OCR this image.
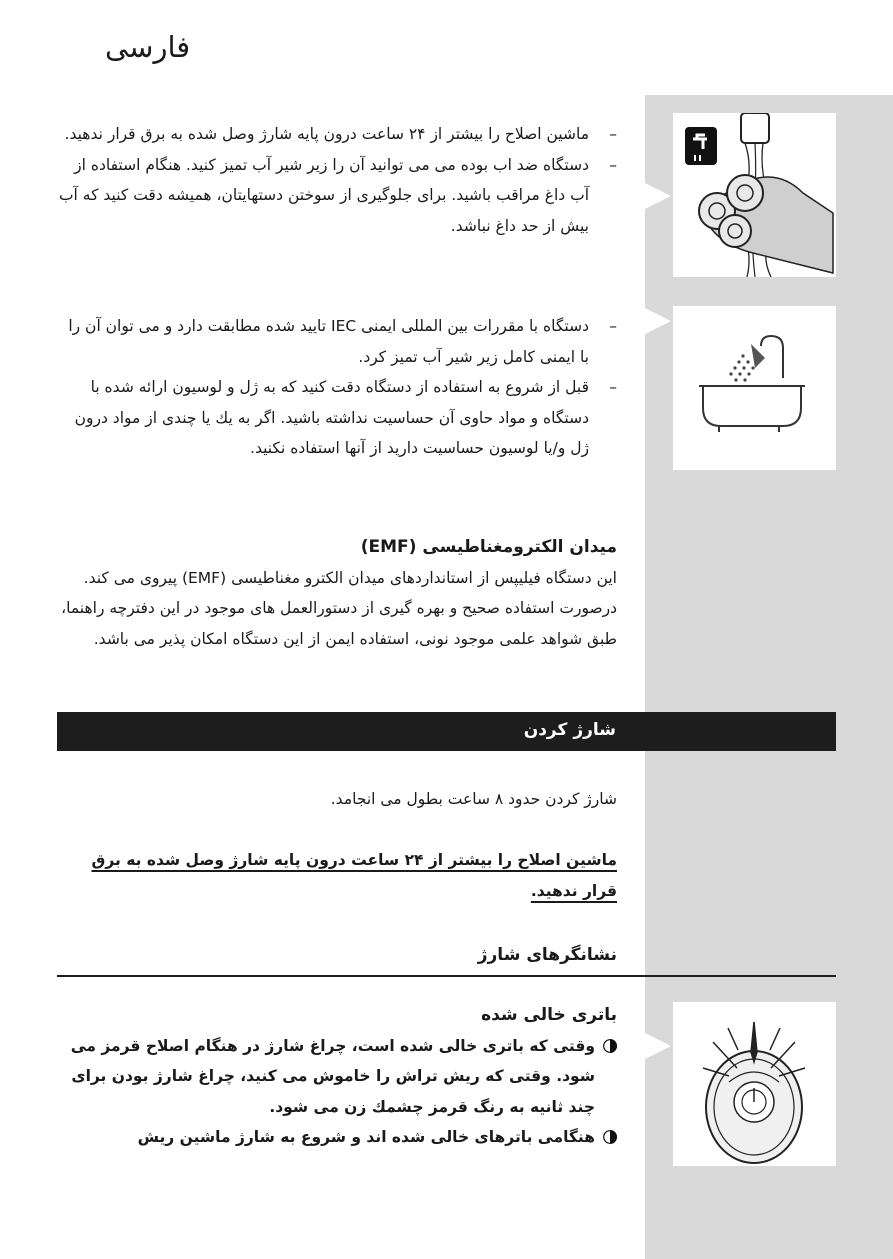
فارسی
–
ماشین اصلاح را بیشتر از ۲۴ ساعت درون پایه شارژ وصل شده به برق قرار ندهید.
–
دستگاه ضد اب بوده می می توانید آن را زیر شیر آب تمیز کنید. هنگام استفاده از آب داغ مراقب باشید. برای جلوگیری از سوختن دستهایتان، همیشه دقت کنید که آب بیش از حد داغ نباشد.
–
دستگاه با مقررات بین المللی ایمنی IEC تایید شده مطابقت دارد و می توان آن را با ایمنی کامل زیر شیر آب تمیز کرد.
–
قبل از شروع به استفاده از دستگاه دقت کنید که به ژل و لوسیون ارائه شده با دستگاه و مواد حاوی آن حساسیت نداشته باشید. اگر به یك یا چندی از مواد درون ژل و/یا لوسیون حساسیت دارید از آنها استفاده نکنید.
میدان الکترومغناطیسی (EMF)
این دستگاه فیلیپس از استانداردهای میدان الکترو مغناطیسی (EMF) پیروی می کند. درصورت استفاده صحیح و بهره گیری از دستورالعمل های موجود در این دفترچه راهنما، طبق شواهد علمی موجود نونی، استفاده ایمن از این دستگاه امکان پذیر می باشد.
شارژ کردن
شارژ کردن حدود ۸ ساعت بطول می انجامد.
ماشین اصلاح را بیشتر از ۲۴ ساعت درون پایه شارژ وصل شده به برق قرار ندهید.
نشانگرهای شارژ
باتری خالی شده
وقتی که باتری خالی شده است، چراغ شارژ در هنگام اصلاح قرمز می شود. وقتی که ریش تراش را خاموش می کنید، چراغ شارژ بودن برای چند ثانیه به رنگ قرمز چشمك زن می شود.
هنگامی باترهای خالی شده اند و شروع به شارژ ماشین ریش
